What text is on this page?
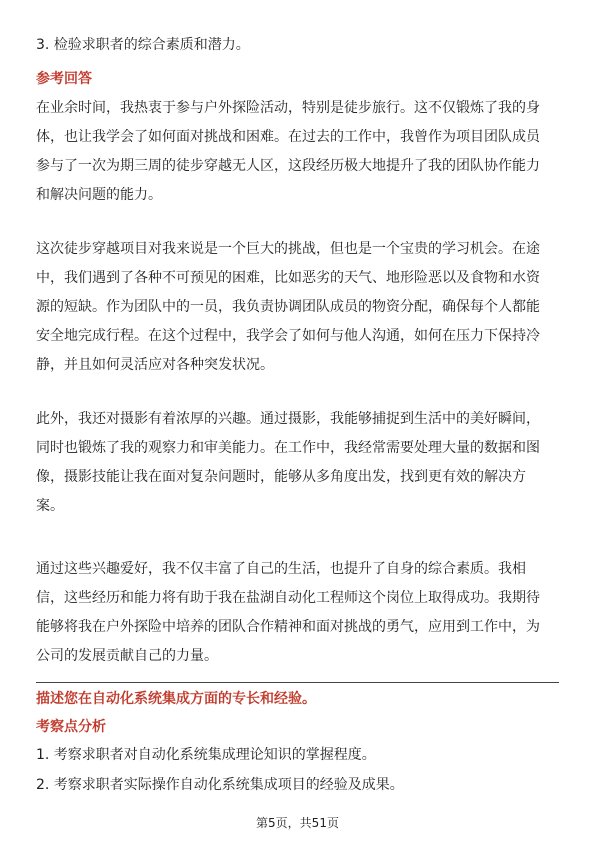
3. 检验求职者的综合素质和潜力。
参考回答
在业余时间，我热衷于参与户外探险活动，特别是徒步旅行。这不仅锻炼了我的身
体，也让我学会了如何面对挑战和困难。在过去的工作中，我曾作为项目团队成员
参与了一次为期三周的徒步穿越无人区，这段经历极大地提升了我的团队协作能力
和解决问题的能力。
这次徒步穿越项目对我来说是一个巨大的挑战，但也是一个宝贵的学习机会。在途
中，我们遇到了各种不可预见的困难，比如恶劣的天气、地形险恶以及食物和水资
源的短缺。作为团队中的一员，我负责协调团队成员的物资分配，确保每个人都能
安全地完成行程。在这个过程中，我学会了如何与他人沟通，如何在压力下保持冷
静，并且如何灵活应对各种突发状况。
此外，我还对摄影有着浓厚的兴趣。通过摄影，我能够捕捉到生活中的美好瞬间，
同时也锻炼了我的观察力和审美能力。在工作中，我经常需要处理大量的数据和图
像，摄影技能让我在面对复杂问题时，能够从多角度出发，找到更有效的解决方
案。
通过这些兴趣爱好，我不仅丰富了自己的生活，也提升了自身的综合素质。我相
信，这些经历和能力将有助于我在盐湖自动化工程师这个岗位上取得成功。我期待
能够将我在户外探险中培养的团队合作精神和面对挑战的勇气，应用到工作中，为
公司的发展贡献自己的力量。
描述您在自动化系统集成方面的专长和经验。
考察点分析
1. 考察求职者对自动化系统集成理论知识的掌握程度。
2. 考察求职者实际操作自动化系统集成项目的经验及成果。
第5页，共51页
